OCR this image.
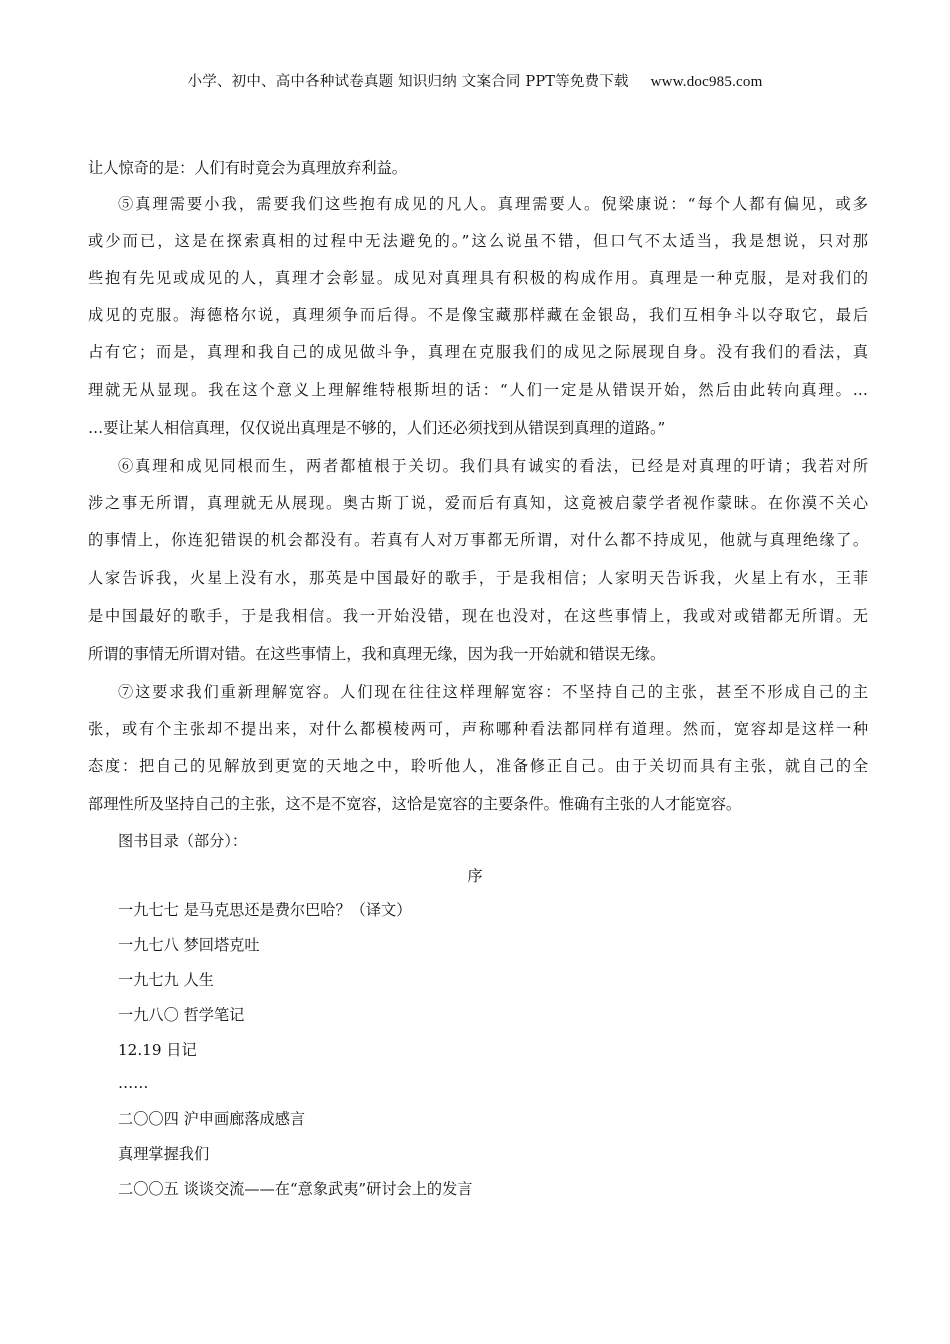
小学、初中、高中各种试卷真题 知识归纳 文案合同 PPT等免费下载 www.doc985.com
让人惊奇的是：人们有时竟会为真理放弃利益。
⑤真理需要小我，需要我们这些抱有成见的凡人。真理需要人。倪梁康说：“每个人都有偏见，或多
或少而已，这是在探索真相的过程中无法避免的。”这么说虽不错，但口气不太适当，我是想说，只对那
些抱有先见或成见的人，真理才会彰显。成见对真理具有积极的构成作用。真理是一种克服，是对我们的
成见的克服。海德格尔说，真理须争而后得。不是像宝藏那样藏在金银岛，我们互相争斗以夺取它，最后
占有它；而是，真理和我自己的成见做斗争，真理在克服我们的成见之际展现自身。没有我们的看法，真
理就无从显现。我在这个意义上理解维特根斯坦的话：“人们一定是从错误开始，然后由此转向真理。…
…要让某人相信真理，仅仅说出真理是不够的，人们还必须找到从错误到真理的道路。”
⑥真理和成见同根而生，两者都植根于关切。我们具有诚实的看法，已经是对真理的吁请；我若对所
涉之事无所谓，真理就无从展现。奥古斯丁说，爱而后有真知，这竟被启蒙学者视作蒙昧。在你漠不关心
的事情上，你连犯错误的机会都没有。若真有人对万事都无所谓，对什么都不持成见，他就与真理绝缘了。
人家告诉我，火星上没有水，那英是中国最好的歌手，于是我相信；人家明天告诉我，火星上有水，王菲
是中国最好的歌手，于是我相信。我一开始没错，现在也没对，在这些事情上，我或对或错都无所谓。无
所谓的事情无所谓对错。在这些事情上，我和真理无缘，因为我一开始就和错误无缘。
⑦这要求我们重新理解宽容。人们现在往往这样理解宽容：不坚持自己的主张，甚至不形成自己的主
张，或有个主张却不提出来，对什么都模棱两可，声称哪种看法都同样有道理。然而，宽容却是这样一种
态度：把自己的见解放到更宽的天地之中，聆听他人，准备修正自己。由于关切而具有主张，就自己的全
部理性所及坚持自己的主张，这不是不宽容，这恰是宽容的主要条件。惟确有主张的人才能宽容。
图书目录（部分）：
序
一九七七 是马克思还是费尔巴哈？（译文）
一九七八 梦回塔克吐
一九七九 人生
一九八〇 哲学笔记
12.19 日记
……
二〇〇四 沪申画廊落成感言
真理掌握我们
二〇〇五 谈谈交流——在“意象武夷”研讨会上的发言
